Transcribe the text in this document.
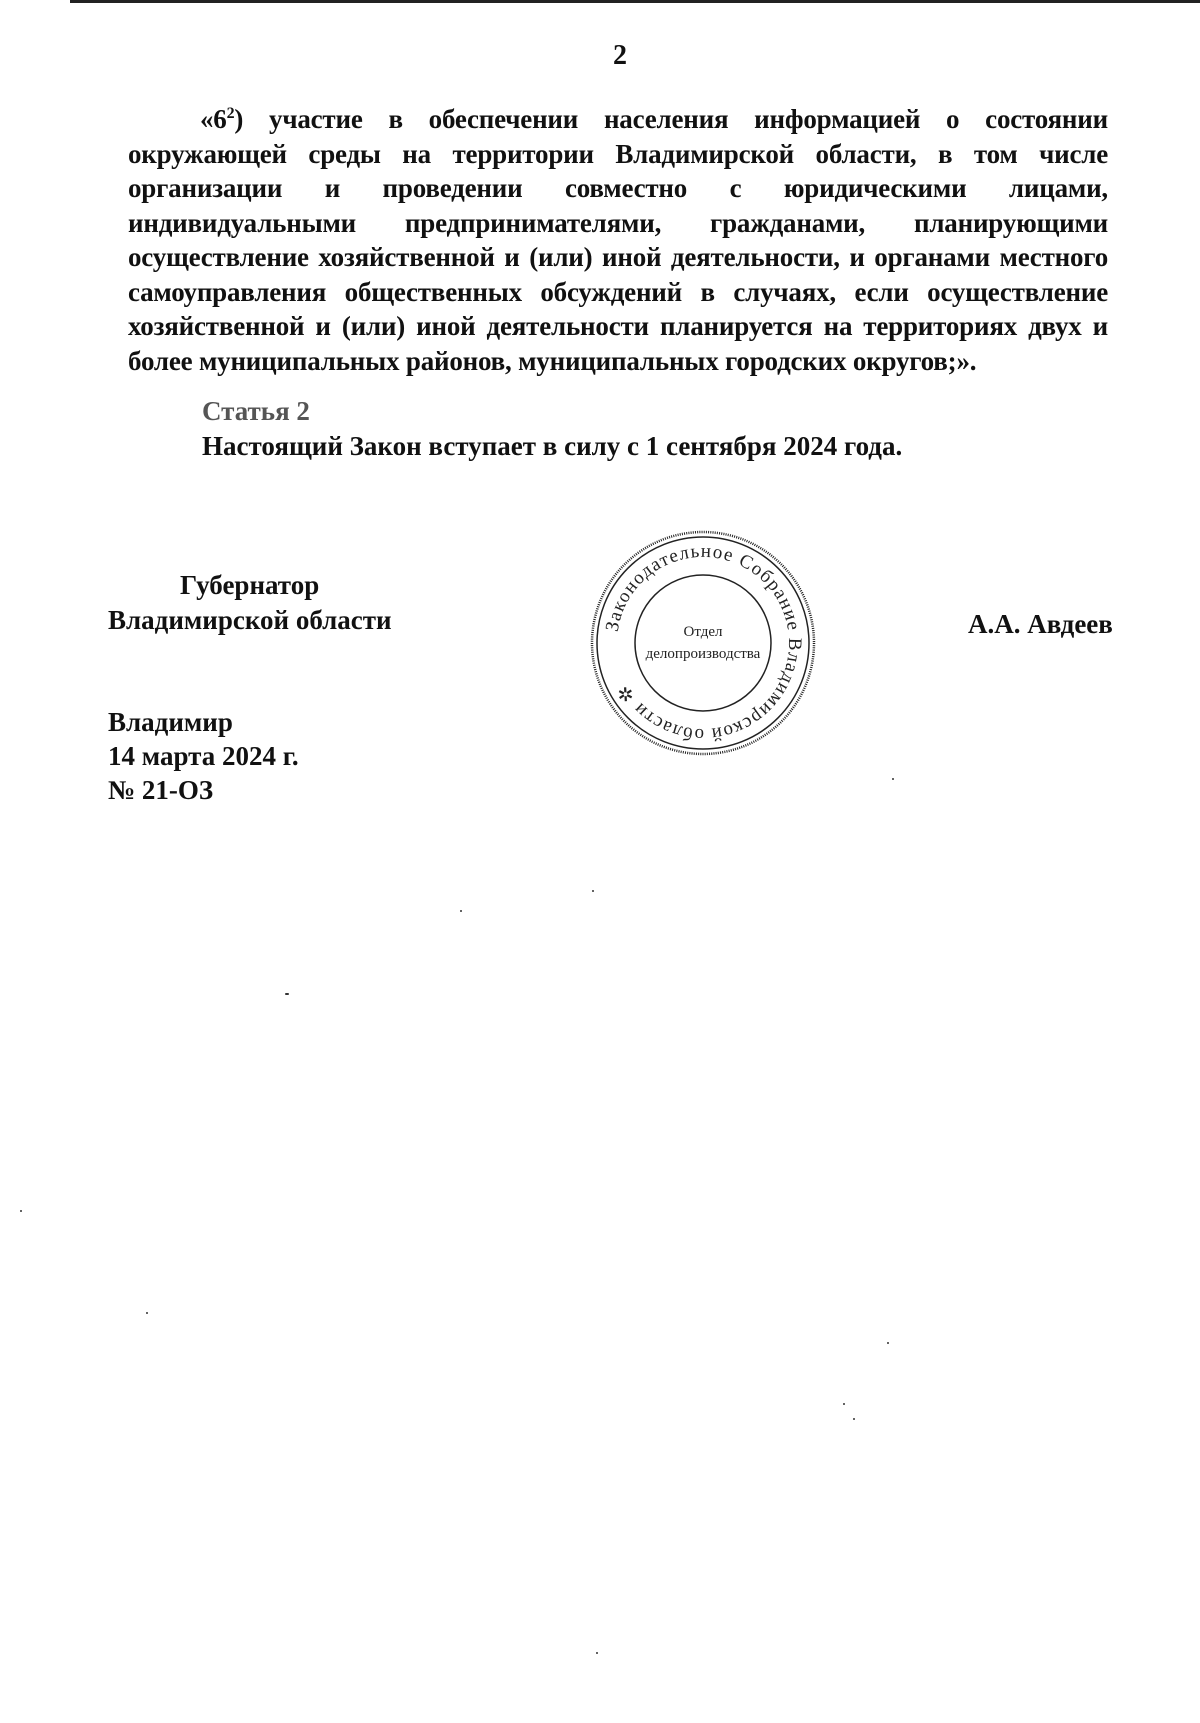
2
«$6^2$) участие в обеспечении населения информацией о состоянии окружающей среды на территории Владимирской области, в том числе организации и проведении совместно с юридическими лицами, индивидуальными предпринимателями, гражданами, планирующими осуществление хозяйственной и (или) иной деятельности, и органами местного самоуправления общественных обсуждений в случаях, если осуществление хозяйственной и (или) иной деятельности планируется на территориях двух и более муниципальных районов, муниципальных городских округов;».
Статья 2
Настоящий Закон вступает в силу с 1 сентября 2024 года.
Губернатор
Владимирской области	А.А. Авдеев
Законодательное Собрание Владимирской области ✲
Отдел
делопроизводства
Владимир
14 марта 2024 г.
№ 21-ОЗ
